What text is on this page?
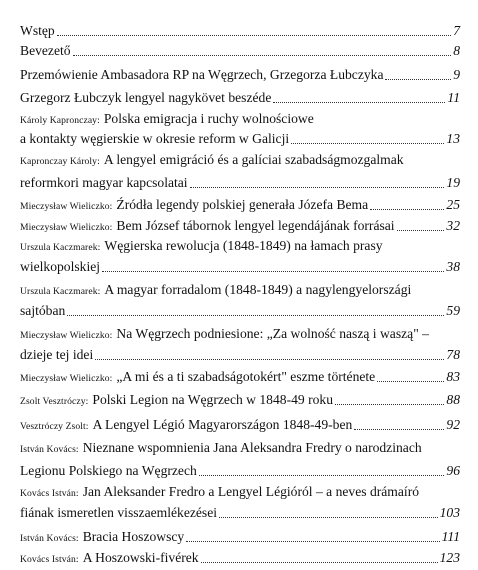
Wstęp	7
Bevezető	8
Przemówienie Ambasadora RP na Węgrzech, Grzegorza Łubczyka	9
Grzegorz Łubczyk lengyel nagykövet beszéde	11
Károly Kapronczay: Polska emigracja i ruchy wolnościowe
a kontakty węgierskie w okresie reform w Galicji	13
Kapronczay Károly: A lengyel emigráció és a galíciai szabadságmozgalmak
reformkori magyar kapcsolatai	19
Mieczysław Wieliczko: Źródła legendy polskiej generała Józefa Bema	25
Mieczysław Wieliczko: Bem József tábornok lengyel legendájának forrásai	32
Urszula Kaczmarek: Węgierska rewolucja (1848-1849) na łamach prasy
wielkopolskiej	38
Urszula Kaczmarek: A magyar forradalom (1848-1849) a nagylengyelországi
sajtóban	59
Mieczysław Wieliczko: Na Węgrzech podniesione: „Za wolność naszą i waszą" –
dzieje tej idei	78
Mieczysław Wieliczko: „A mi és a ti szabadságotokért" eszme története	83
Zsolt Vesztróczy: Polski Legion na Węgrzech w 1848-49 roku	88
Vesztróczy Zsolt: A Lengyel Légió Magyarországon 1848-49-ben	92
István Kovács: Nieznane wspomnienia Jana Aleksandra Fredry o narodzinach
Legionu Polskiego na Węgrzech	96
Kovács István: Jan Aleksander Fredro a Lengyel Légióról – a neves drámaíró
fiának ismeretlen visszaemlékezései	103
István Kovács: Bracia Hoszowscy	111
Kovács István: A Hoszowski-fivérek	123
